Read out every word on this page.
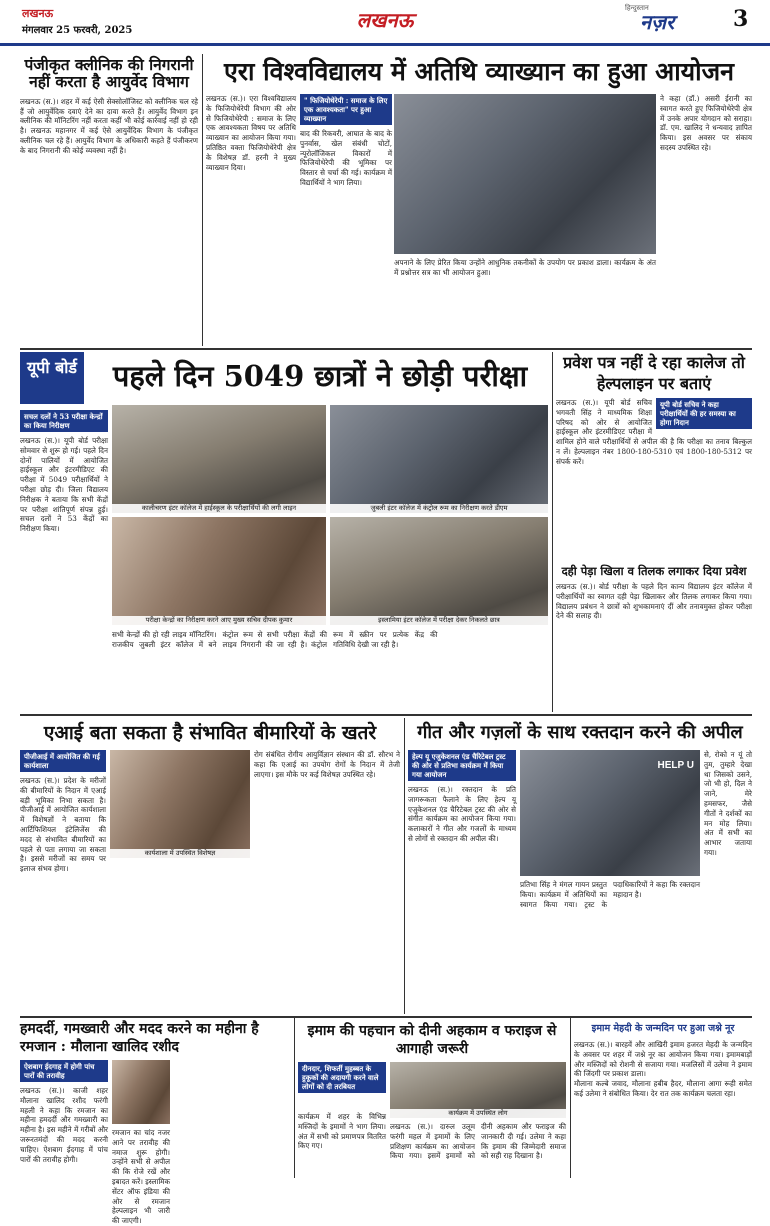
लखनऊ
मंगलवार 25 फरवरी, 2025	लखनऊ	हिन्दुस्तान
नज़र	3
पंजीकृत क्लीनिक की निगरानी नहीं करता है आयुर्वेद विभाग
लखनऊ (स.)। शहर में कई ऐसी सेक्सोलॉजिस्ट को क्लीनिक चल रहे हैं जो आयुर्वेदिक दवाएं देने का दावा करते हैं। आयुर्वेद विभाग इन क्लीनिक की मॉनिटरिंग नहीं करता कहीं भी कोई कार्रवाई नहीं हो रही है। लखनऊ महानगर में कई ऐसे आयुर्वेदिक विभाग के पंजीकृत क्लीनिक चल रहे हैं। आयुर्वेद विभाग के अधिकारी कहते हैं पंजीकरण के बाद निगरानी की कोई व्यवस्था नहीं है।
एरा विश्वविद्यालय में अतिथि व्याख्यान का हुआ आयोजन
लखनऊ (स.)। एरा विश्वविद्यालय के फिजियोथेरेपी विभाग की ओर से फिजियोथेरेपी : समाज के लिए एक आवश्यकता विषय पर अतिथि व्याख्यान का आयोजन किया गया। प्रतिष्ठित वक्ता फिजियोथेरेपी क्षेत्र के विशेषज्ञ डॉ. हरनी ने मुख्य व्याख्यान दिया।
" फिजियोथेरेपी : समाज के लिए एक आवश्यकता" पर हुआ व्याख्यान
बाद की रिकवरी, आघात के बाद के पुनर्वास, खेल संबंधी चोटों, न्यूरोलॉजिकल विकारों में फिजियोथेरेपी की भूमिका पर विस्तार से चर्चा की गई। कार्यक्रम में विद्यार्थियों ने भाग लिया।
अपनाने के लिए प्रेरित किया उन्होंने आधुनिक तकनीकों के उपयोग पर प्रकाश डाला। कार्यक्रम के अंत में प्रश्नोत्तर सत्र का भी आयोजन हुआ।
ने कहा (डॉ.) असरी ईरानी का स्वागत करते हुए फिजियोथेरेपी क्षेत्र में उनके अपार योगदान को सराहा। डॉ. एम. खालिद ने धन्यवाद ज्ञापित किया। इस अवसर पर संकाय सदस्य उपस्थित रहे।
यूपी बोर्ड	पहले दिन 5049 छात्रों ने छोड़ी परीक्षा
सचल दलों ने 53 परीक्षा केन्द्रों का किया निरीक्षण
लखनऊ (स.)। यूपी बोर्ड परीक्षा सोमवार से शुरू हो गई। पहले दिन दोनों पालियों में आयोजित हाईस्कूल और इंटरमीडिएट की परीक्षा में 5049 परीक्षार्थियों ने परीक्षा छोड़ दी। जिला विद्यालय निरीक्षक ने बताया कि सभी केंद्रों पर परीक्षा शांतिपूर्ण संपन्न हुई। सचल दलों ने 53 केंद्रों का निरीक्षण किया।
कालीचरण इंटर कॉलेज में हाईस्कूल के परीक्षार्थियों की लगी लाइन	जुबली इंटर कॉलेज में कंट्रोल रूम का निरीक्षण करते डीएम
परीक्षा केन्द्रों का निरीक्षण करने आए मुख्य सचिव दीपक कुमार	इस्लामिया इंटर कॉलेज में परीक्षा देकर निकलते छात्र
सभी केन्द्रों की हो रही लाइव मॉनिटरिंग। राजकीय जुबली इंटर कॉलेज में बने कंट्रोल रूम से सभी परीक्षा केंद्रों की लाइव निगरानी की जा रही है। कंट्रोल रूम में स्क्रीन पर प्रत्येक केंद्र की गतिविधि देखी जा रही है।
प्रवेश पत्र नहीं दे रहा कालेज तो हेल्पलाइन पर बताएं
यूपी बोर्ड सचिव ने कहा परीक्षार्थियों की हर समस्या का होगा निदान
लखनऊ (स.)। यूपी बोर्ड सचिव भगवती सिंह ने माध्यमिक शिक्षा परिषद को ओर से आयोजित हाईस्कूल और इंटरमीडिएट परीक्षा में शामिल होने वाले परीक्षार्थियों से अपील की है कि परीक्षा का तनाव बिल्कुल न लें। हेल्पलाइन नंबर 1800-180-5310 एवं 1800-180-5312 पर संपर्क करें।
दही पेड़ा खिला व तिलक लगाकर दिया प्रवेश
लखनऊ (स.)। बोर्ड परीक्षा के पहले दिन कान्य विद्यालय इंटर कॉलेज में परीक्षार्थियों का स्वागत दही पेड़ा खिलाकर और तिलक लगाकर किया गया। विद्यालय प्रबंधन ने छात्रों को शुभकामनाएं दीं और तनावमुक्त होकर परीक्षा देने की सलाह दी।
एआई बता सकता है संभावित बीमारियों के खतरे
पीजीआई में आयोजित की गई कार्यशाला
लखनऊ (स.)। प्रदेश के मरीजों की बीमारियों के निदान में एआई बड़ी भूमिका निभा सकता है। पीजीआई में आयोजित कार्यशाला में विशेषज्ञों ने बताया कि आर्टिफिशियल इंटेलिजेंस की मदद से संभावित बीमारियों का पहले से पता लगाया जा सकता है। इससे मरीजों का समय पर इलाज संभव होगा।
कार्यशाला में उपस्थित विशेषज्ञ
रोग संबंधित रोगीय आयुर्विज्ञान संस्थान की डॉ. सौरभ ने कहा कि एआई का उपयोग रोगों के निदान में तेजी लाएगा। इस मौके पर कई विशेषज्ञ उपस्थित रहे।
गीत और गज़लों के साथ रक्तदान करने की अपील
हेल्प यू एजुकेशनल एंड चैरिटेबल ट्रस्ट की ओर से प्रतिभा कार्यक्रम में किया गया आयोजन
लखनऊ (स.)। रक्तदान के प्रति जागरूकता फैलाने के लिए हेल्प यू एजुकेशनल एंड चैरिटेबल ट्रस्ट की ओर से संगीत कार्यक्रम का आयोजन किया गया। कलाकारों ने गीत और गजलों के माध्यम से लोगों से रक्तदान की अपील की।
HELP U
प्रतिभा सिंह ने मंगल गायन प्रस्तुत किया। कार्यक्रम में अतिथियों का स्वागत किया गया। ट्रस्ट के पदाधिकारियों ने कहा कि रक्तदान महादान है।
से, रोको न यूं तो तुम, तुम्हारे देखा था जिसको उसने, जो भी हो, दिल ने जाने, मेरे हमसफर, जैसे गीतों ने दर्शकों का मन मोह लिया। अंत में सभी का आभार जताया गया।
हमदर्दी, गमख्वारी और मदद करने का महीना है रमजान : मौलाना खालिद रशीद
ऐशबाग ईदगाह में होगी पांच पारों की तरावीह
लखनऊ (स.)। काजी शहर मौलाना खालिद रशीद फरंगी महली ने कहा कि रमजान का महीना हमदर्दी और गमख्वारी का महीना है। इस महीने में गरीबों और जरूरतमंदों की मदद करनी चाहिए। ऐशबाग ईदगाह में पांच पारों की तरावीह होगी।
रमजान का चांद नजर आने पर तरावीह की नमाज शुरू होगी। उन्होंने सभी से अपील की कि रोजे रखें और इबादत करें। इस्लामिक सेंटर ऑफ इंडिया की ओर से रमजान हेल्पलाइन भी जारी की जाएगी।
इमाम की पहचान को दीनी अहकाम व फराइज से आगाही जरूरी
दीनदार, शिफर्ती मुहब्बत के हुकूकों की अदायगी करने वाले लोगों को दी तरबियत
कार्यक्रम में उपस्थित लोग
लखनऊ (स.)। दारुल उलूम फरंगी महल में इमामों के लिए प्रशिक्षण कार्यक्रम का आयोजन किया गया। इसमें इमामों को दीनी अहकाम और फराइज की जानकारी दी गई। उलेमा ने कहा कि इमाम की जिम्मेदारी समाज को सही राह दिखाना है।
कार्यक्रम में शहर के विभिन्न मस्जिदों के इमामों ने भाग लिया। अंत में सभी को प्रमाणपत्र वितरित किए गए।
इमाम मेहदी के जन्मदिन पर हुआ जश्ने नूर
लखनऊ (स.)। बारहवें और आखिरी इमाम हजरत मेहदी के जन्मदिन के अवसर पर शहर में जश्ने नूर का आयोजन किया गया। इमामबाड़ों और मस्जिदों को रोशनी से सजाया गया। मजलिसों में उलेमा ने इमाम की जिंदगी पर प्रकाश डाला।
मौलाना कल्बे जवाद, मौलाना हबीब हैदर, मौलाना आगा रूही समेत कई उलेमा ने संबोधित किया। देर रात तक कार्यक्रम चलता रहा।
